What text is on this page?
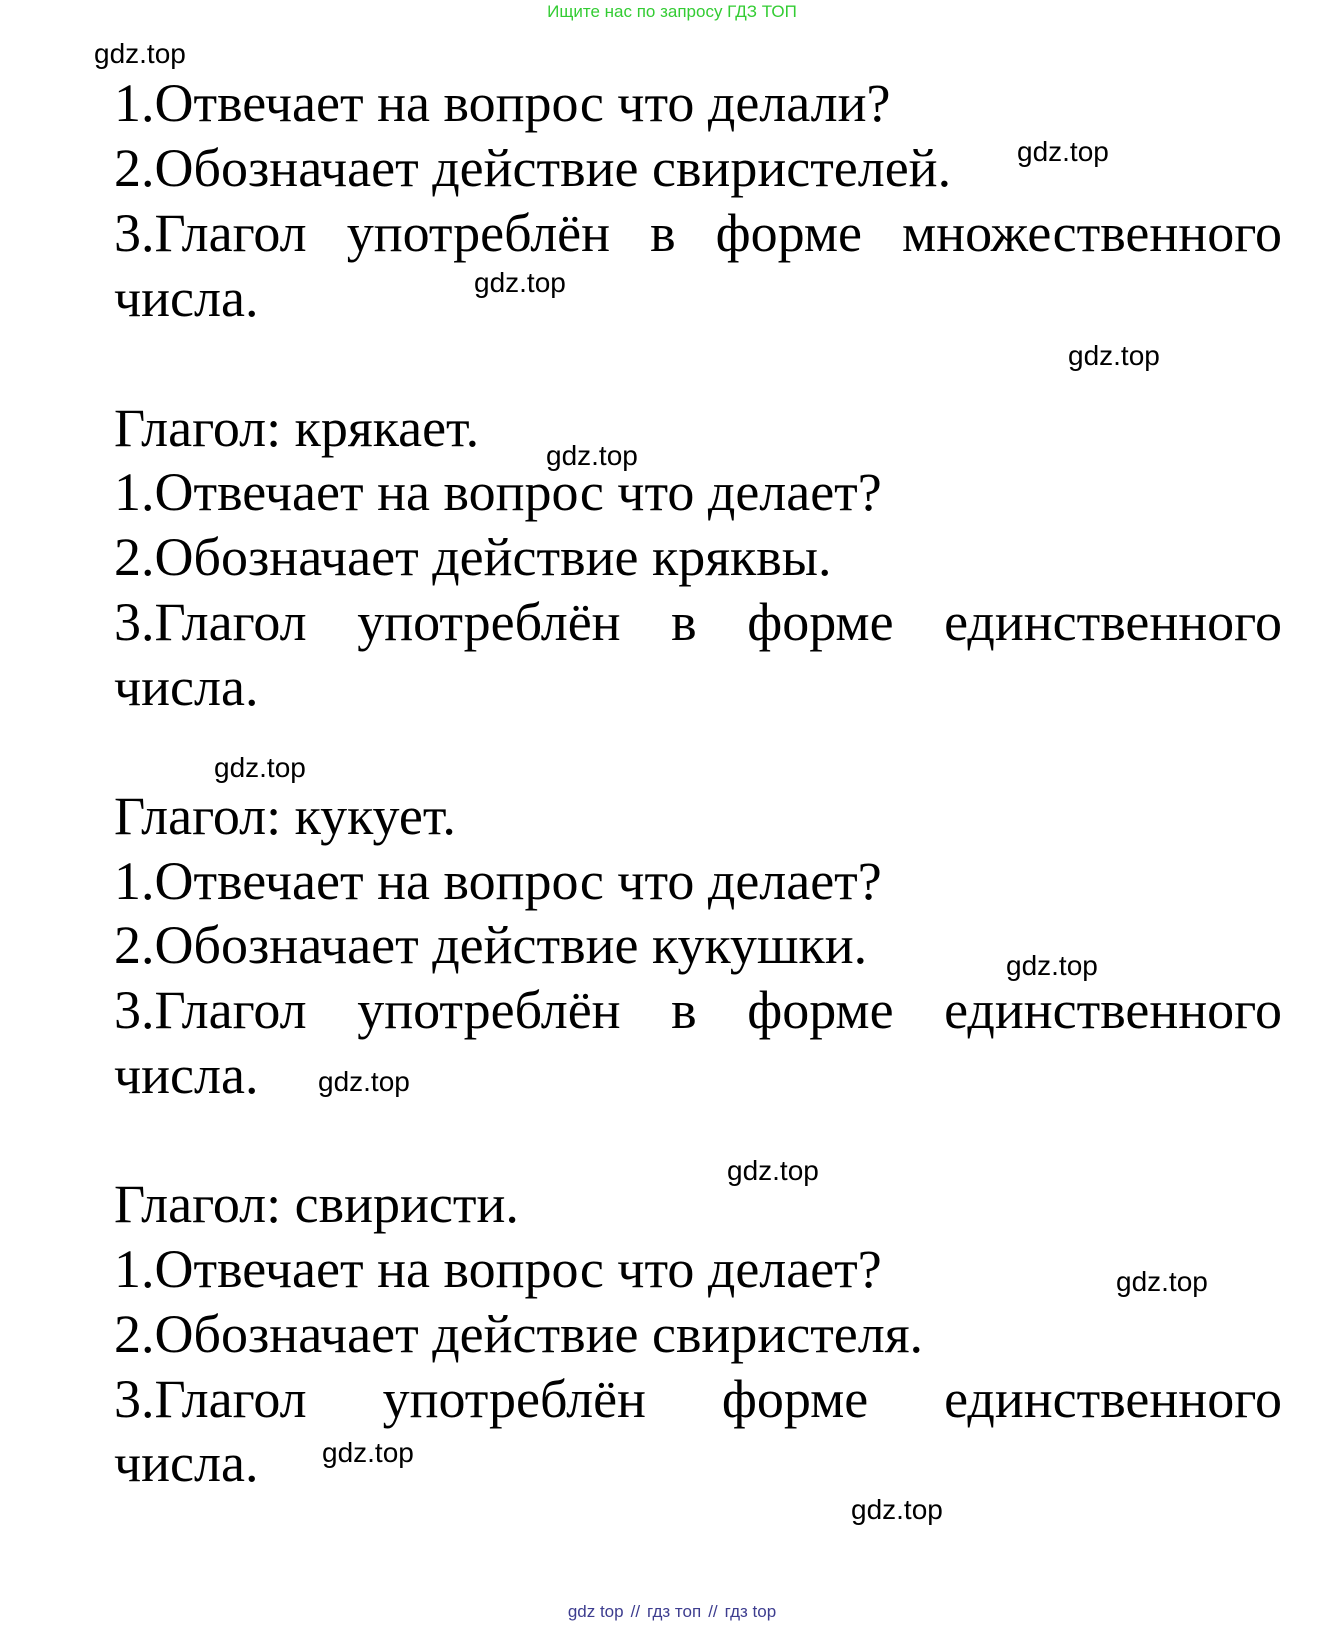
Ищите нас по запросу ГДЗ ТОП
1.Отвечает на вопрос что делали?
2.Обозначает действие свиристелей.
3.Глагол употреблён в форме множественного
числа.
Глагол: крякает.
1.Отвечает на вопрос что делает?
2.Обозначает действие кряквы.
3.Глагол употреблён в форме единственного
числа.
Глагол: кукует.
1.Отвечает на вопрос что делает?
2.Обозначает действие кукушки.
3.Глагол употреблён в форме единственного
числа.
Глагол: свиристи.
1.Отвечает на вопрос что делает?
2.Обозначает действие свиристеля.
3.Глагол употреблён форме единственного
числа.
gdz.top
gdz.top
gdz.top
gdz.top
gdz.top
gdz.top
gdz.top
gdz.top
gdz.top
gdz.top
gdz.top
gdz.top
gdz top // гдз топ // гдз top
